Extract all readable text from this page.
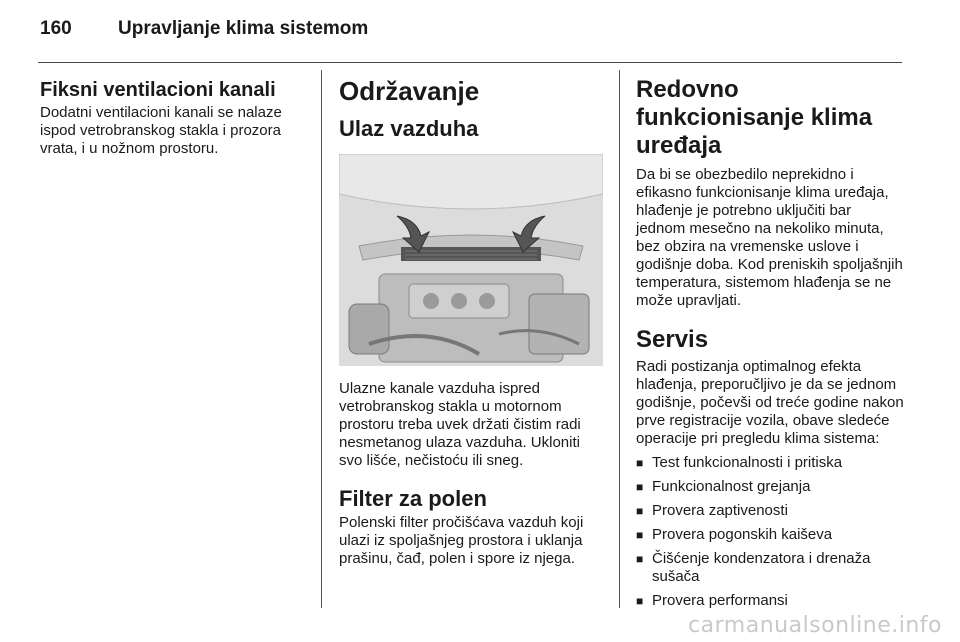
160 Upravljanje klima sistemom
Fiksni ventilacioni kanali

Dodatni ventilacioni kanali se nalaze ispod vetrobranskog stakla i prozora vrata, i u nožnom prostoru.

Održavanje
Ulaz vazduha

Ulazne kanale vazduha ispred vetrobranskog stakla u motornom prostoru treba uvek držati čistim radi nesmetanog ulaza vazduha. Ukloniti svo lišće, nečistoću ili sneg.

Filter za polen

Polenski filter pročišćava vazduh koji ulazi iz spoljašnjeg prostora i uklanja prašinu, čađ, polen i spore iz njega.

Redovno funkcionisanje klima uređaja

Da bi se obezbedilo neprekidno i efikasno funkcionisanje klima uređaja, hlađenje je potrebno uključiti bar jednom mesečno na nekoliko minuta, bez obzira na vremenske uslove i godišnje doba. Kod preniskih spoljašnjih temperatura, sistemom hlađenja se ne može upravljati.

Servis

Radi postizanja optimalnog efekta hlađenja, preporučljivo je da se jednom godišnje, počevši od treće godine nakon prve registracije vozila, obave sledeće operacije pri pregledu klima sistema:

■ Test funkcionalnosti i pritiska
■ Funkcionalnost grejanja
■ Provera zaptivenosti
■ Provera pogonskih kaiševa
■ Čišćenje kondenzatora i drenaža sušača
■ Provera performansi
carmanualsonline.info
